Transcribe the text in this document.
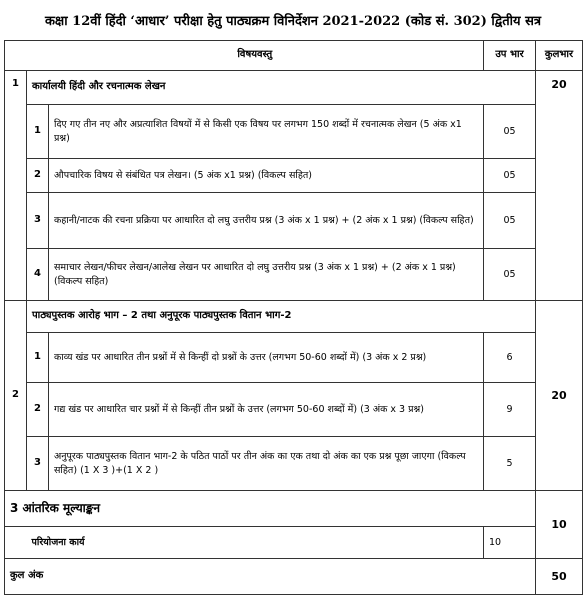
कक्षा 12वीं हिंदी ‘आधार’ परीक्षा हेतु पाठ्यक्रम विनिर्देशन 2021-2022 (कोड सं. 302) द्वितीय सत्र
	विषयवस्तु		उप भार	कुलभार
1	कार्यालयी हिंदी और रचनात्मक लेखन			20
	1	दिए गए तीन नए और अप्रत्याशित विषयों में से किसी एक विषय पर लगभग 150 शब्दों में रचनात्मक लेखन (5 अंक x1 प्रश्न)	05	
	2	औपचारिक विषय से संबंधित पत्र लेखन। (5 अंक x1 प्रश्न) (विकल्प सहित)	05	
	3	कहानी/नाटक की रचना प्रक्रिया पर आधारित दो लघु उत्तरीय प्रश्न (3 अंक x 1 प्रश्न) + (2 अंक x 1 प्रश्न) (विकल्प सहित)	05	
	4	समाचार लेखन/फीचर लेखन/आलेख लेखन पर आधारित दो लघु उत्तरीय प्रश्न (3 अंक x 1 प्रश्न) + (2 अंक x 1 प्रश्न) (विकल्प सहित)	05	
2	पाठ्यपुस्तक आरोह भाग – 2 तथा अनुपूरक पाठ्यपुस्तक वितान भाग-2			20
	1	काव्य खंड पर आधारित तीन प्रश्नों में से किन्हीं दो प्रश्नों के उत्तर (लगभग 50-60 शब्दों में) (3 अंक x 2 प्रश्न)	6	
	2	गद्य खंड पर आधारित चार प्रश्नों में से किन्हीं तीन प्रश्नों के उत्तर (लगभग 50-60 शब्दों में) (3 अंक x 3 प्रश्न)	9	
	3	अनुपूरक पाठ्यपुस्तक वितान भाग-2 के पठित पाठों पर तीन अंक का एक तथा दो अंक का एक प्रश्न पूछा जाएगा (विकल्प सहित) (1 X 3 )+(1 X 2 )	5	
3 आंतरिक मूल्याङ्कन				10
	परियोजना कार्य		10	
कुल अंक				50
